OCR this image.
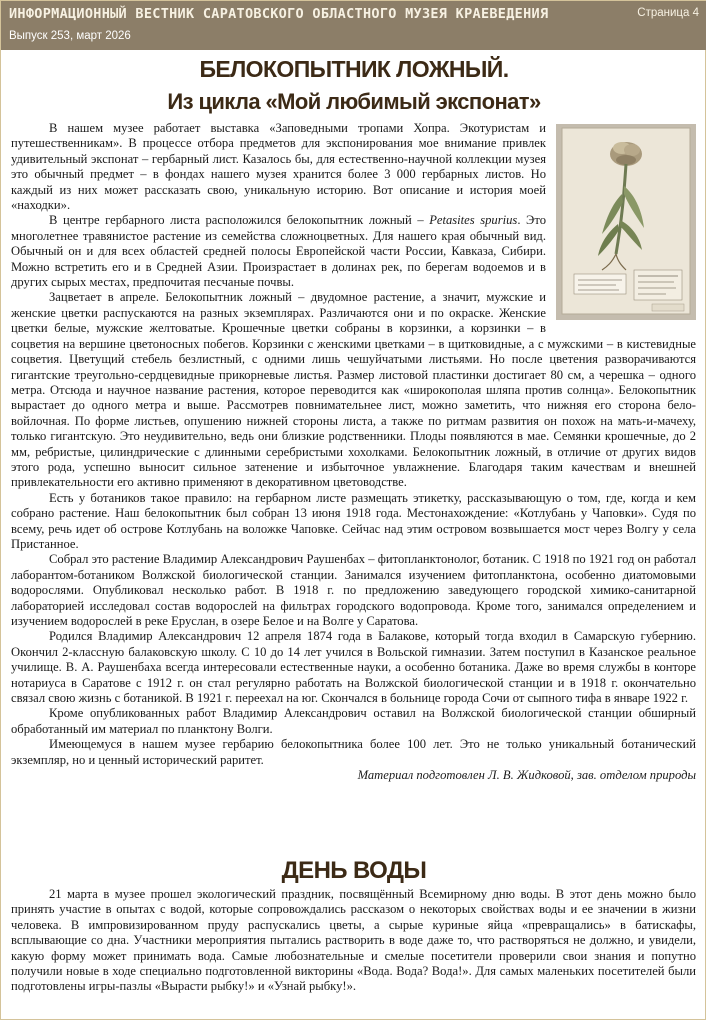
ИНФОРМАЦИОННЫЙ ВЕСТНИК САРАТОВСКОГО ОБЛАСТНОГО МУЗЕЯ КРАЕВЕДЕНИЯ
Выпуск 253, март 2026
Страница 4
БЕЛОКОПЫТНИК ЛОЖНЫЙ.
Из цикла «Мой любимый экспонат»

В нашем музее работает выставка «Заповедными тропами Хопра. Экотуристам и путешественникам». В процессе отбора предметов для экспонирования мое внимание привлек удивительный экспонат – гербарный лист. Казалось бы, для естественно-научной коллекции музея это обычный предмет – в фондах нашего музея хранится более 3 000 гербарных листов. Но каждый из них может рассказать свою, уникальную историю. Вот описание и история моей «находки».

В центре гербарного листа расположился белокопытник ложный – Petasites spurius. Это многолетнее травянистое растение из семейства сложноцветных. Для нашего края обычный вид. Обычный он и для всех областей средней полосы Европейской части России, Кавказа, Сибири. Можно встретить его и в Средней Азии. Произрастает в долинах рек, по берегам водоемов и в других сырых местах, предпочитая песчаные почвы.

Зацветает в апреле. Белокопытник ложный – двудомное растение, а значит, мужские и женские цветки распускаются на разных экземплярах. Различаются они и по окраске. Женские цветки белые, мужские желтоватые. Крошечные цветки собраны в корзинки, а корзинки – в соцветия на вершине цветоносных побегов. Корзинки с женскими цветками – в щитковидные, а с мужскими – в кистевидные соцветия. Цветущий стебель безлистный, с одними лишь чешуйчатыми листьями. Но после цветения разворачиваются гигантские треугольно-сердцевидные прикорневые листья. Размер листовой пластинки достигает 80 см, а черешка – одного метра. Отсюда и научное название растения, которое переводится как «широкополая шляпа против солнца». Белокопытник вырастает до одного метра и выше. Рассмотрев повнимательнее лист, можно заметить, что нижняя его сторона бело-войлочная. По форме листьев, опушению нижней стороны листа, а также по ритмам развития он похож на мать-и-мачеху, только гигантскую. Это неудивительно, ведь они близкие родственники. Плоды появляются в мае. Семянки крошечные, до 2 мм, ребристые, цилиндрические с длинными серебристыми хохолками. Белокопытник ложный, в отличие от других видов этого рода, успешно выносит сильное затенение и избыточное увлажнение. Благодаря таким качествам и внешней привлекательности его активно применяют в декоративном цветоводстве.

Есть у ботаников такое правило: на гербарном листе размещать этикетку, рассказывающую о том, где, когда и кем собрано растение. Наш белокопытник был собран 13 июня 1918 года. Местонахождение: «Котлубань у Чаповки». Судя по всему, речь идет об острове Котлубань на воложке Чаповке. Сейчас над этим островом возвышается мост через Волгу у села Пристанное.

Собрал это растение Владимир Александрович Раушенбах – фитопланктонолог, ботаник. С 1918 по 1921 год он работал лаборантом-ботаником Волжской биологической станции. Занимался изучением фитопланктона, особенно диатомовыми водорослями. Опубликовал несколько работ. В 1918 г. по предложению заведующего городской химико-санитарной лабораторией исследовал состав водорослей на фильтрах городского водопровода. Кроме того, занимался определением и изучением водорослей в реке Еруслан, в озере Белое и на Волге у Саратова.

Родился Владимир Александрович 12 апреля 1874 года в Балакове, который тогда входил в Самарскую губернию. Окончил 2-классную балаковскую школу. С 10 до 14 лет учился в Вольской гимназии. Затем поступил в Казанское реальное училище. В. А. Раушенбаха всегда интересовали естественные науки, а особенно ботаника. Даже во время службы в конторе нотариуса в Саратове с 1912 г. он стал регулярно работать на Волжской биологической станции и в 1918 г. окончательно связал свою жизнь с ботаникой. В 1921 г. переехал на юг. Скончался в больнице города Сочи от сыпного тифа в январе 1922 г.

Кроме опубликованных работ Владимир Александрович оставил на Волжской биологической станции обширный обработанный им материал по планктону Волги.

Имеющемуся в нашем музее гербарию белокопытника более 100 лет. Это не только уникальный ботанический экземпляр, но и ценный исторический раритет.

Материал подготовлен Л. В. Жидковой, зав. отделом природы

ДЕНЬ ВОДЫ

21 марта в музее прошел экологический праздник, посвящённый Всемирному дню воды. В этот день можно было принять участие в опытах с водой, которые сопровождались рассказом о некоторых свойствах воды и ее значении в жизни человека. В импровизированном пруду распускались цветы, а сырые куриные яйца «превращались» в батискафы, всплывающие со дна. Участники мероприятия пытались растворить в воде даже то, что растворяться не должно, и увидели, какую форму может принимать вода. Самые любознательные и смелые посетители проверили свои знания и попутно получили новые в ходе специально подготовленной викторины «Вода. Вода? Вода!». Для самых маленьких посетителей были подготовлены игры-пазлы «Вырасти рыбку!» и «Узнай рыбку!».
